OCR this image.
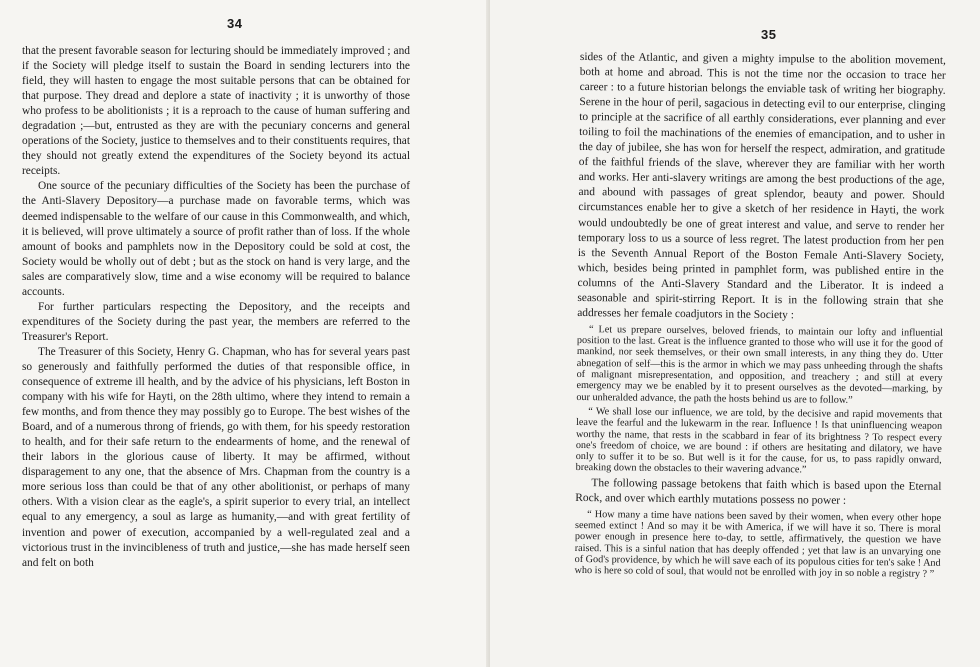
34

that the present favorable season for lecturing should be immediately improved ; and if the Society will pledge itself to sustain the Board in sending lecturers into the field, they will hasten to engage the most suitable persons that can be obtained for that purpose. They dread and deplore a state of inactivity ; it is unworthy of those who profess to be abolitionists ; it is a reproach to the cause of human suffering and degradation ;—but, entrusted as they are with the pecuniary concerns and general operations of the Society, justice to themselves and to their constituents requires, that they should not greatly extend the expenditures of the Society beyond its actual receipts.

One source of the pecuniary difficulties of the Society has been the purchase of the Anti-Slavery Depository—a purchase made on favorable terms, which was deemed indispensable to the welfare of our cause in this Commonwealth, and which, it is believed, will prove ultimately a source of profit rather than of loss. If the whole amount of books and pamphlets now in the Depository could be sold at cost, the Society would be wholly out of debt ; but as the stock on hand is very large, and the sales are comparatively slow, time and a wise economy will be required to balance accounts.

For further particulars respecting the Depository, and the receipts and expenditures of the Society during the past year, the members are referred to the Treasurer's Report.

The Treasurer of this Society, Henry G. Chapman, who has for several years past so generously and faithfully performed the duties of that responsible office, in consequence of extreme ill health, and by the advice of his physicians, left Boston in company with his wife for Hayti, on the 28th ultimo, where they intend to remain a few months, and from thence they may possibly go to Europe. The best wishes of the Board, and of a numerous throng of friends, go with them, for his speedy restoration to health, and for their safe return to the endearments of home, and the renewal of their labors in the glorious cause of liberty. It may be affirmed, without disparagement to any one, that the absence of Mrs. Chapman from the country is a more serious loss than could be that of any other abolitionist, or perhaps of many others. With a vision clear as the eagle's, a spirit superior to every trial, an intellect equal to any emergency, a soul as large as humanity,—and with great fertility of invention and power of execution, accompanied by a well-regulated zeal and a victorious trust in the invincibleness of truth and justice,—she has made herself seen and felt on both

35

sides of the Atlantic, and given a mighty impulse to the abolition movement, both at home and abroad. This is not the time nor the occasion to trace her career : to a future historian belongs the enviable task of writing her biography. Serene in the hour of peril, sagacious in detecting evil to our enterprise, clinging to principle at the sacrifice of all earthly considerations, ever planning and ever toiling to foil the machinations of the enemies of emancipation, and to usher in the day of jubilee, she has won for herself the respect, admiration, and gratitude of the faithful friends of the slave, wherever they are familiar with her worth and works. Her anti-slavery writings are among the best productions of the age, and abound with passages of great splendor, beauty and power. Should circumstances enable her to give a sketch of her residence in Hayti, the work would undoubtedly be one of great interest and value, and serve to render her temporary loss to us a source of less regret. The latest production from her pen is the Seventh Annual Report of the Boston Female Anti-Slavery Society, which, besides being printed in pamphlet form, was published entire in the columns of the Anti-Slavery Standard and the Liberator. It is indeed a seasonable and spirit-stirring Report. It is in the following strain that she addresses her female coadjutors in the Society :

“ Let us prepare ourselves, beloved friends, to maintain our lofty and influential position to the last. Great is the influence granted to those who will use it for the good of mankind, nor seek themselves, or their own small interests, in any thing they do. Utter abnegation of self—this is the armor in which we may pass unheeding through the shafts of malignant misrepresentation, and opposition, and treachery ; and still at every emergency may we be enabled by it to present ourselves as the devoted—marking, by our unheralded advance, the path the hosts behind us are to follow.”

“ We shall lose our influence, we are told, by the decisive and rapid movements that leave the fearful and the lukewarm in the rear. Influence ! Is that uninfluencing weapon worthy the name, that rests in the scabbard in fear of its brightness ? To respect every one's freedom of choice, we are bound : if others are hesitating and dilatory, we have only to suffer it to be so. But well is it for the cause, for us, to pass rapidly onward, breaking down the obstacles to their wavering advance.”

The following passage betokens that faith which is based upon the Eternal Rock, and over which earthly mutations possess no power :

“ How many a time have nations been saved by their women, when every other hope seemed extinct ! And so may it be with America, if we will have it so. There is moral power enough in presence here to-day, to settle, affirmatively, the question we have raised. This is a sinful nation that has deeply offended ; yet that law is an unvarying one of God's providence, by which he will save each of its populous cities for ten's sake ! And who is here so cold of soul, that would not be enrolled with joy in so noble a registry ? ”
